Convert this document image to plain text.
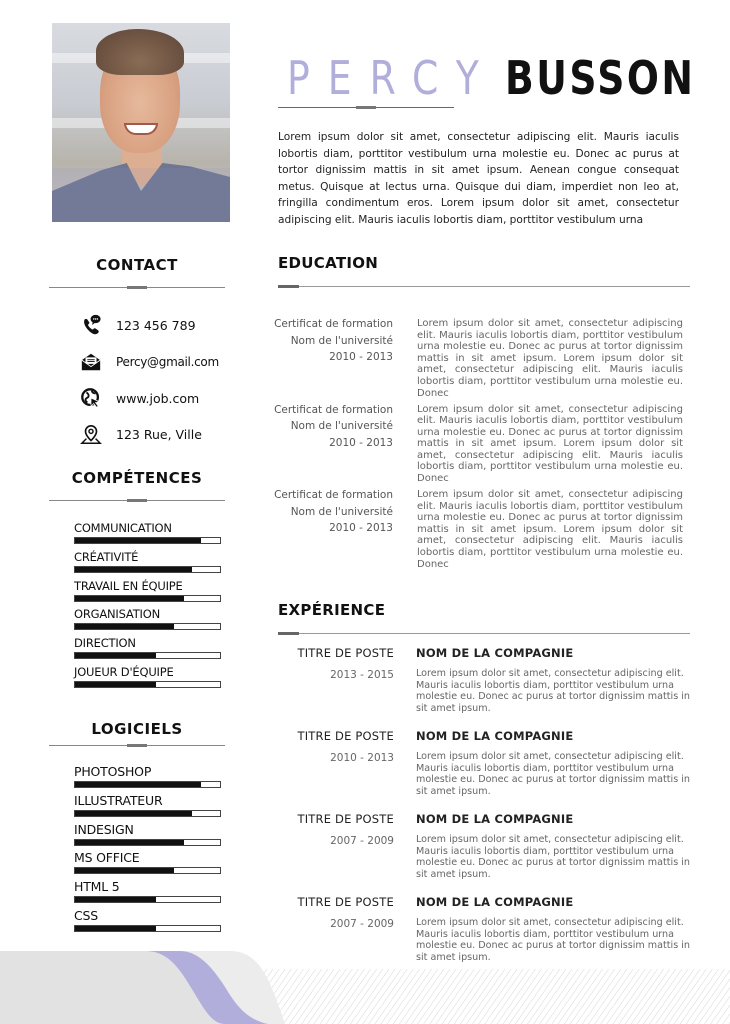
PERCY BUSSON

Lorem ipsum dolor sit amet, consectetur adipiscing elit. Mauris iaculis lobortis diam, porttitor vestibulum urna molestie eu. Donec ac purus at tortor dignissim mattis in sit amet ipsum. Aenean congue consequat metus. Quisque at lectus urna. Quisque dui diam, imperdiet non leo at, fringilla condimentum eros. Lorem ipsum dolor sit amet, consectetur adipiscing elit. Mauris iaculis lobortis diam, porttitor vestibulum urna

CONTACT
123 456 789
Percy@gmail.com
www.job.com
123 Rue, Ville
COMPÉTENCES
COMMUNICATION
CRÉATIVITÉ
TRAVAIL EN ÉQUIPE
ORGANISATION
DIRECTION
JOUEUR D'ÉQUIPE
LOGICIELS
PHOTOSHOP
ILLUSTRATEUR
INDESIGN
MS OFFICE
HTML 5
CSS
EDUCATION
Certificat de formation
Nom de l'université
2010 - 2013

Lorem ipsum dolor sit amet, consectetur adipiscing elit. Mauris iaculis lobortis diam, porttitor vestibulum urna molestie eu. Donec ac purus at tortor dignissim mattis in sit amet ipsum. Lorem ipsum dolor sit amet, consectetur adipiscing elit. Mauris iaculis lobortis diam, porttitor vestibulum urna molestie eu. Donec

Certificat de formation
Nom de l'université
2010 - 2013

Lorem ipsum dolor sit amet, consectetur adipiscing elit. Mauris iaculis lobortis diam, porttitor vestibulum urna molestie eu. Donec ac purus at tortor dignissim mattis in sit amet ipsum. Lorem ipsum dolor sit amet, consectetur adipiscing elit. Mauris iaculis lobortis diam, porttitor vestibulum urna molestie eu. Donec

Certificat de formation
Nom de l'université
2010 - 2013

Lorem ipsum dolor sit amet, consectetur adipiscing elit. Mauris iaculis lobortis diam, porttitor vestibulum urna molestie eu. Donec ac purus at tortor dignissim mattis in sit amet ipsum. Lorem ipsum dolor sit amet, consectetur adipiscing elit. Mauris iaculis lobortis diam, porttitor vestibulum urna molestie eu. Donec

EXPÉRIENCE
TITRE DE POSTE
2013 - 2015
NOM DE LA COMPAGNIE

Lorem ipsum dolor sit amet, consectetur adipiscing elit. Mauris iaculis lobortis diam, porttitor vestibulum urna molestie eu. Donec ac purus at tortor dignissim mattis in sit amet ipsum.

TITRE DE POSTE
2010 - 2013
NOM DE LA COMPAGNIE

Lorem ipsum dolor sit amet, consectetur adipiscing elit. Mauris iaculis lobortis diam, porttitor vestibulum urna molestie eu. Donec ac purus at tortor dignissim mattis in sit amet ipsum.

TITRE DE POSTE
2007 - 2009
NOM DE LA COMPAGNIE

Lorem ipsum dolor sit amet, consectetur adipiscing elit. Mauris iaculis lobortis diam, porttitor vestibulum urna molestie eu. Donec ac purus at tortor dignissim mattis in sit amet ipsum.

TITRE DE POSTE
2007 - 2009
NOM DE LA COMPAGNIE

Lorem ipsum dolor sit amet, consectetur adipiscing elit. Mauris iaculis lobortis diam, porttitor vestibulum urna molestie eu. Donec ac purus at tortor dignissim mattis in sit amet ipsum.
